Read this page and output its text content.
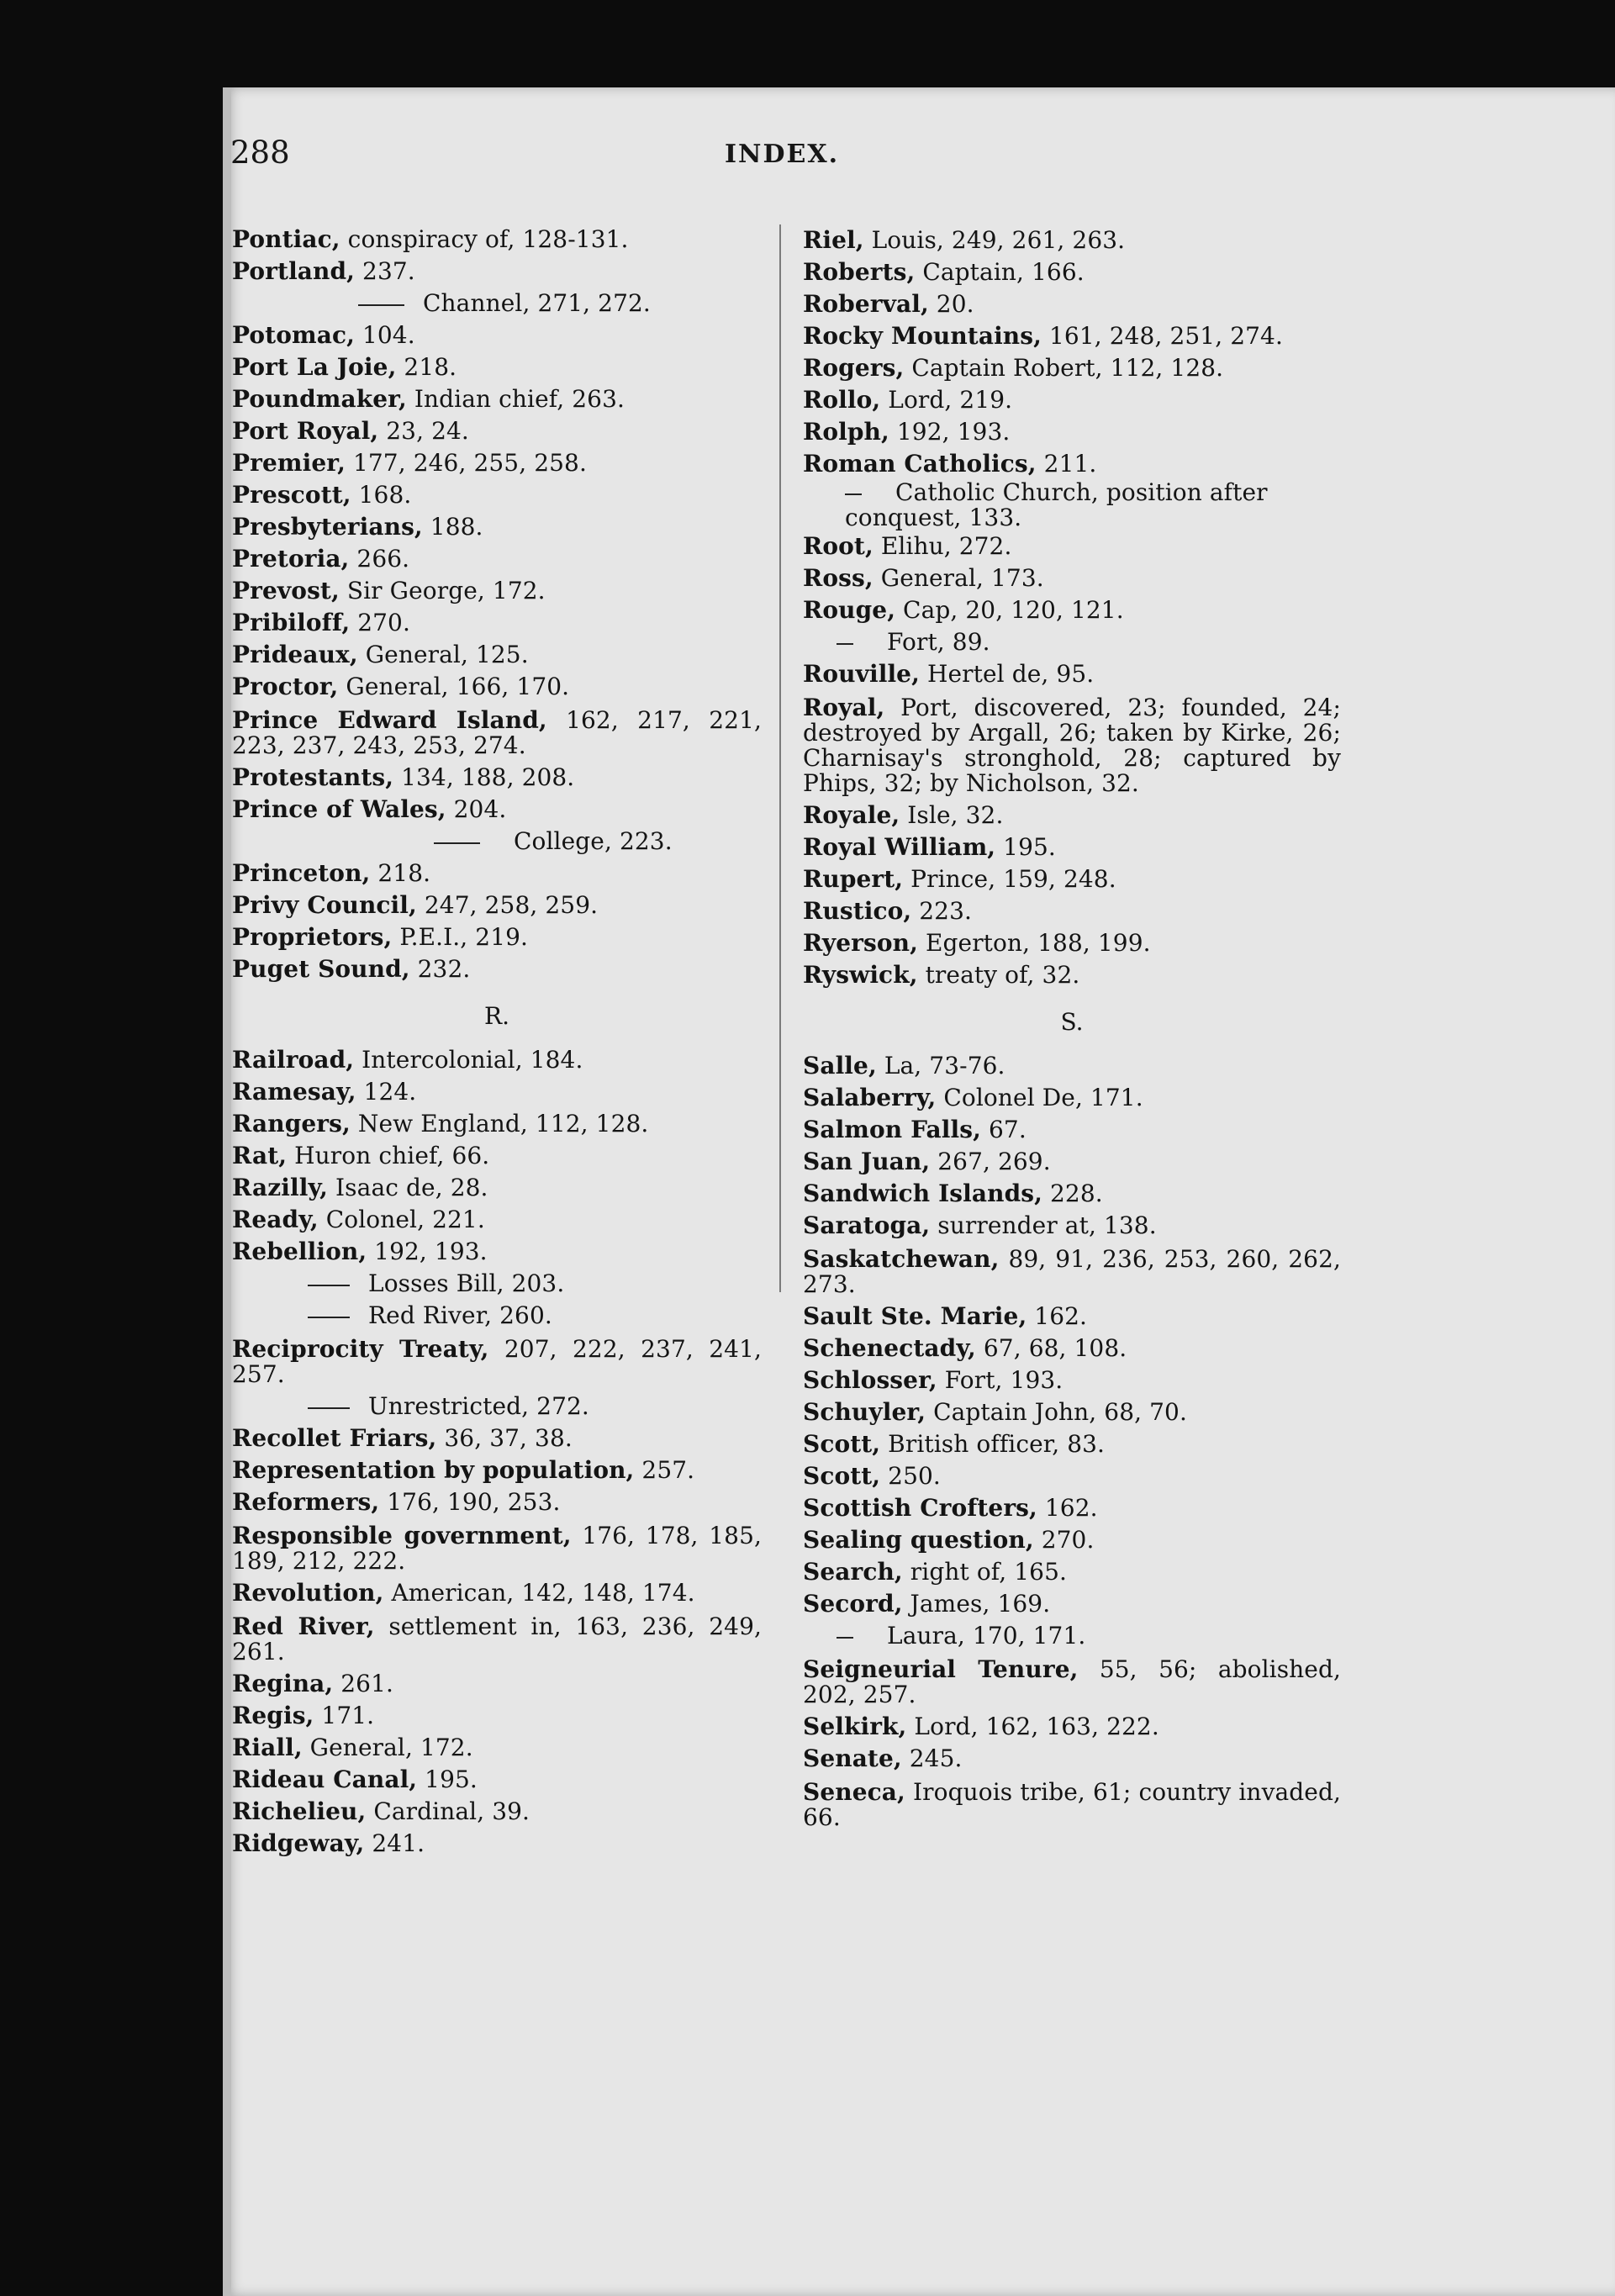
288	INDEX.
Pontiac, conspiracy of, 128-131.
Portland, 237.
Channel, 271, 272.
Potomac, 104.
Port La Joie, 218.
Poundmaker, Indian chief, 263.
Port Royal, 23, 24.
Premier, 177, 246, 255, 258.
Prescott, 168.
Presbyterians, 188.
Pretoria, 266.
Prevost, Sir George, 172.
Pribiloff, 270.
Prideaux, General, 125.
Proctor, General, 166, 170.
Prince Edward Island, 162, 217, 221, 223, 237, 243, 253, 274.
Protestants, 134, 188, 208.
Prince of Wales, 204.
College, 223.
Princeton, 218.
Privy Council, 247, 258, 259.
Proprietors, P.E.I., 219.
Puget Sound, 232.
R.
Railroad, Intercolonial, 184.
Ramesay, 124.
Rangers, New England, 112, 128.
Rat, Huron chief, 66.
Razilly, Isaac de, 28.
Ready, Colonel, 221.
Rebellion, 192, 193.
Losses Bill, 203.
Red River, 260.
Reciprocity Treaty, 207, 222, 237, 241, 257.
Unrestricted, 272.
Recollet Friars, 36, 37, 38.
Representation by population, 257.
Reformers, 176, 190, 253.
Responsible government, 176, 178, 185, 189, 212, 222.
Revolution, American, 142, 148, 174.
Red River, settlement in, 163, 236, 249, 261.
Regina, 261.
Regis, 171.
Riall, General, 172.
Rideau Canal, 195.
Richelieu, Cardinal, 39.
Ridgeway, 241.
Riel, Louis, 249, 261, 263.
Roberts, Captain, 166.
Roberval, 20.
Rocky Mountains, 161, 248, 251, 274.
Rogers, Captain Robert, 112, 128.
Rollo, Lord, 219.
Rolph, 192, 193.
Roman Catholics, 211.
Catholic Church, position after conquest, 133.
Root, Elihu, 272.
Ross, General, 173.
Rouge, Cap, 20, 120, 121.
Fort, 89.
Rouville, Hertel de, 95.
Royal, Port, discovered, 23; founded, 24; destroyed by Argall, 26; taken by Kirke, 26; Charnisay's stronghold, 28; captured by Phips, 32; by Nicholson, 32.
Royale, Isle, 32.
Royal William, 195.
Rupert, Prince, 159, 248.
Rustico, 223.
Ryerson, Egerton, 188, 199.
Ryswick, treaty of, 32.
S.
Salle, La, 73-76.
Salaberry, Colonel De, 171.
Salmon Falls, 67.
San Juan, 267, 269.
Sandwich Islands, 228.
Saratoga, surrender at, 138.
Saskatchewan, 89, 91, 236, 253, 260, 262, 273.
Sault Ste. Marie, 162.
Schenectady, 67, 68, 108.
Schlosser, Fort, 193.
Schuyler, Captain John, 68, 70.
Scott, British officer, 83.
Scott, 250.
Scottish Crofters, 162.
Sealing question, 270.
Search, right of, 165.
Secord, James, 169.
Laura, 170, 171.
Seigneurial Tenure, 55, 56; abolished, 202, 257.
Selkirk, Lord, 162, 163, 222.
Senate, 245.
Seneca, Iroquois tribe, 61; country invaded, 66.
